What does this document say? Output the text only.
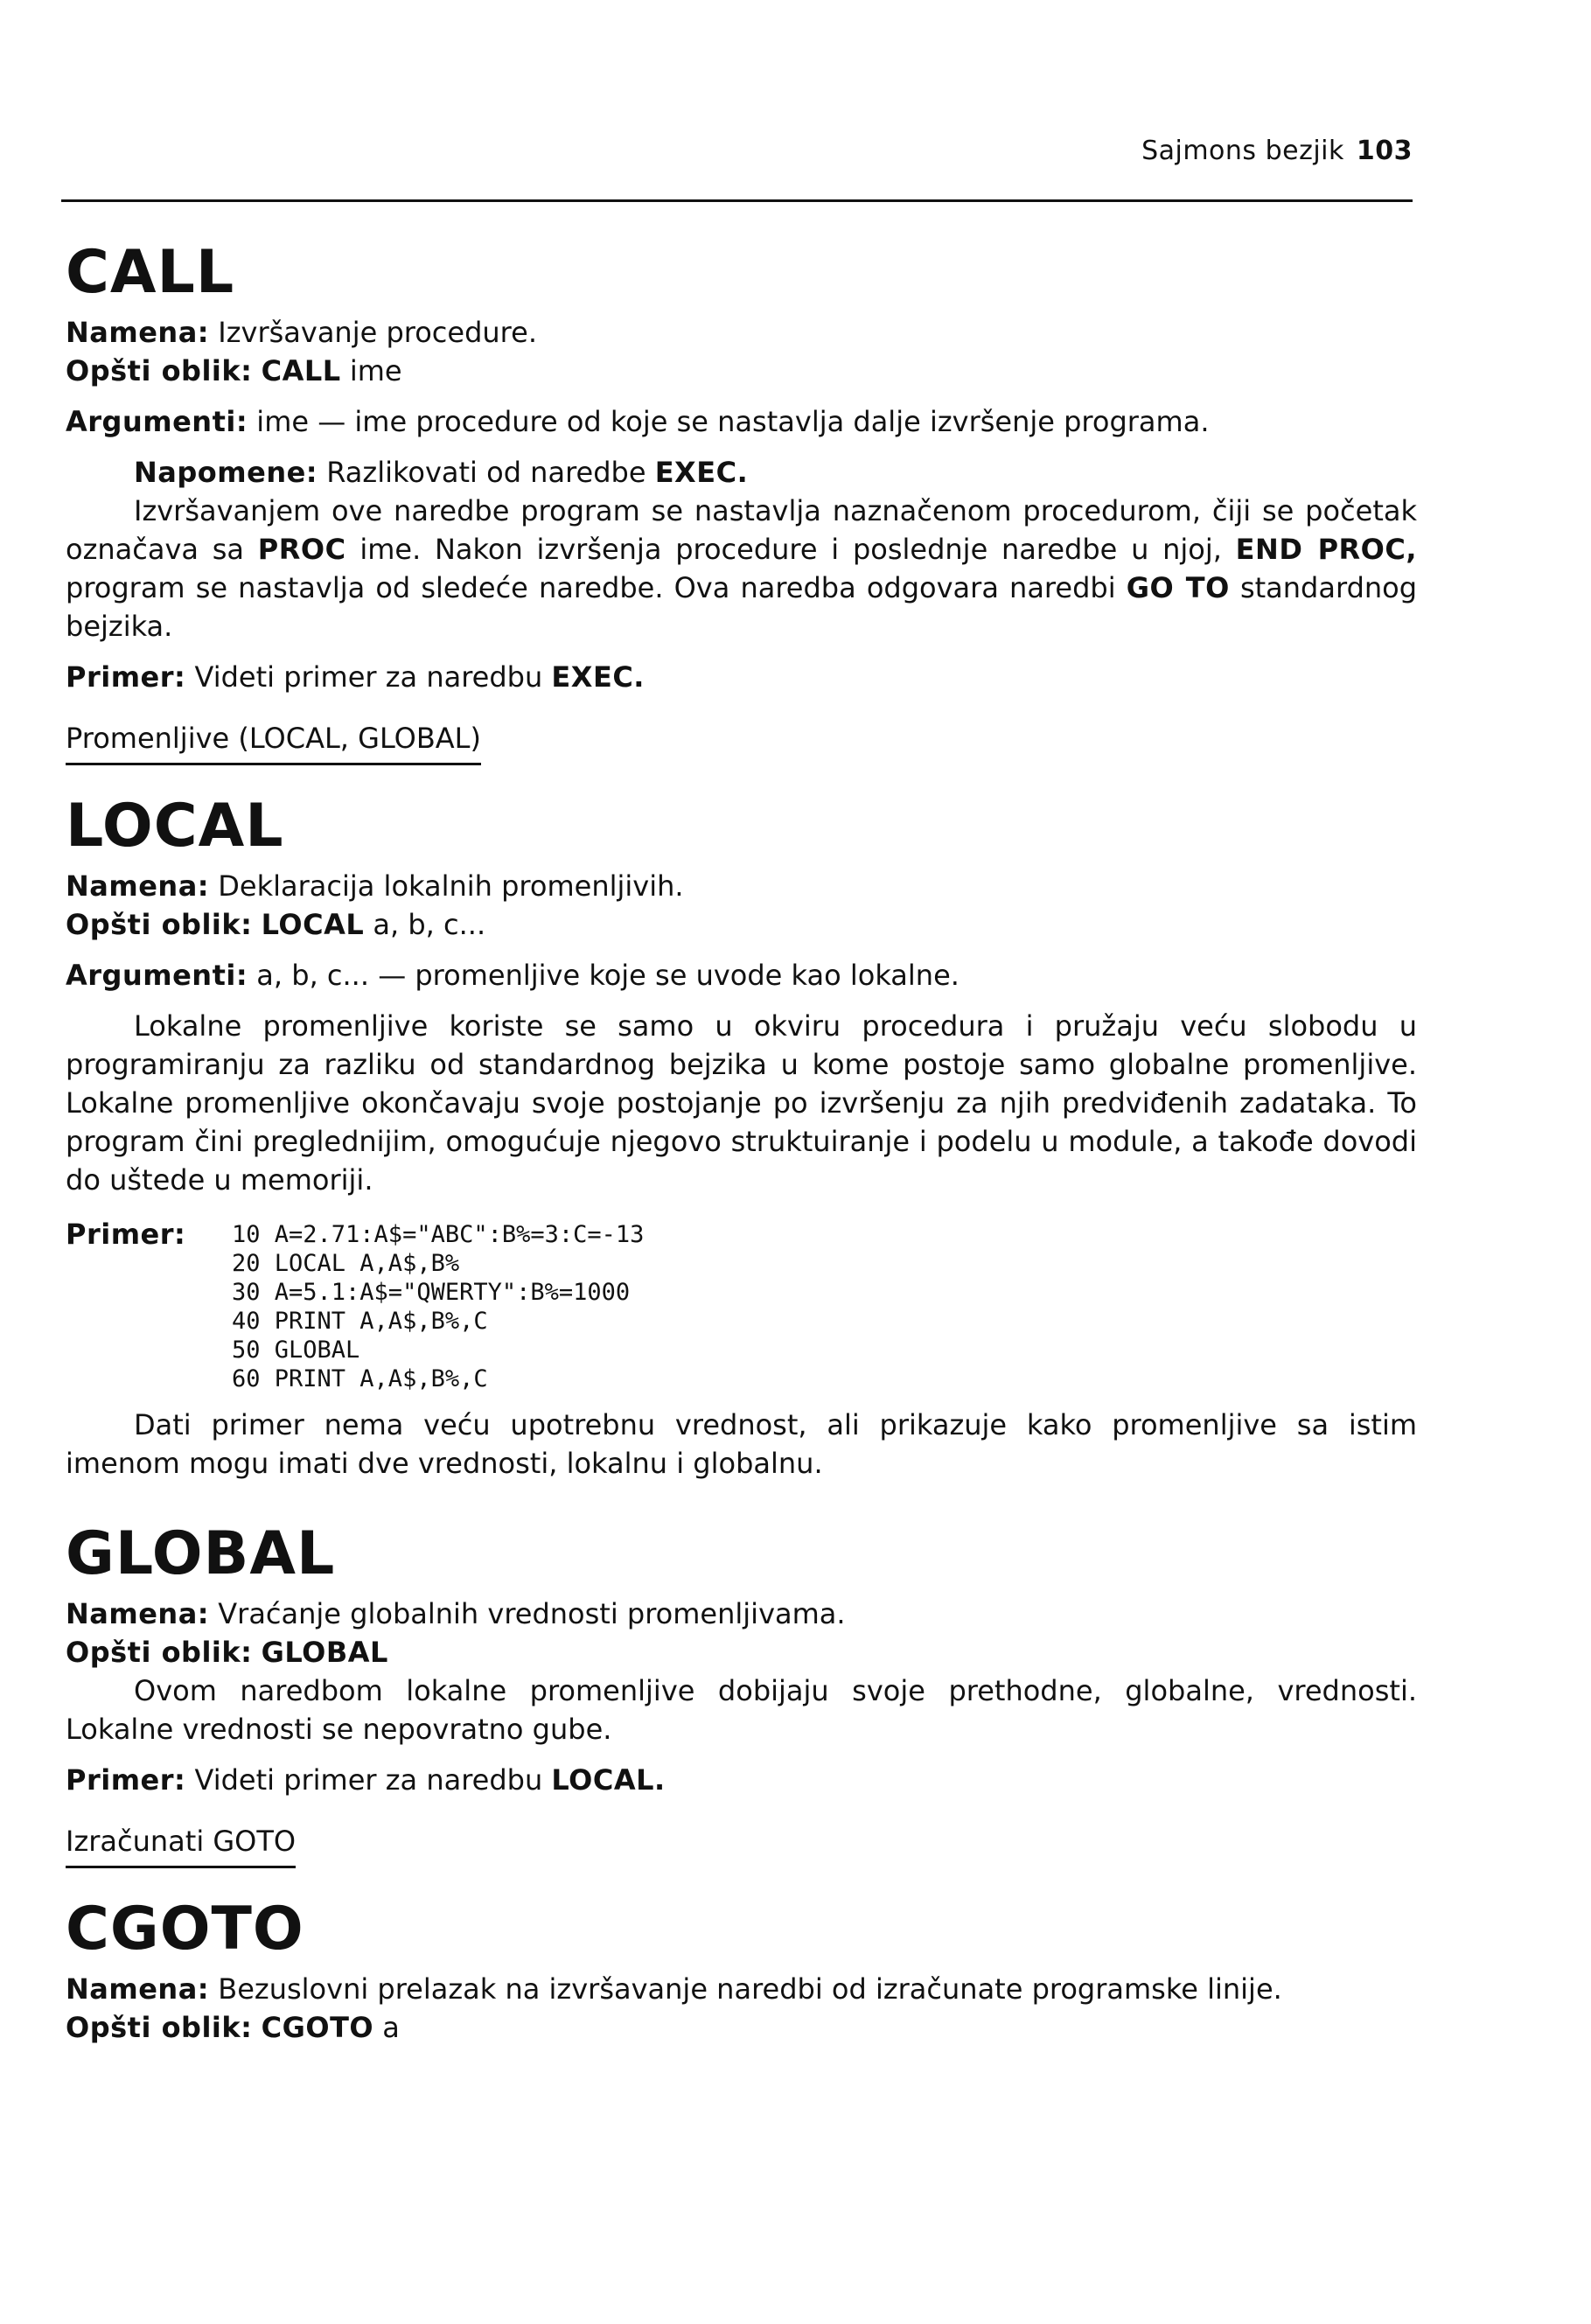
Sajmons bezjik 103
CALL

Namena: Izvršavanje procedure.

Opšti oblik: CALL ime

Argumenti: ime — ime procedure od koje se nastavlja dalje izvršenje programa.

Napomene: Razlikovati od naredbe EXEC.

Izvršavanjem ove naredbe program se nastavlja naznačenom procedurom, čiji se početak označava sa PROC ime. Nakon izvršenja procedure i poslednje naredbe u njoj, END PROC, program se nastavlja od sledeće naredbe. Ova naredba odgovara naredbi GO TO standardnog bejzika.

Primer: Videti primer za naredbu EXEC.

Promenljive (LOCAL, GLOBAL)
LOCAL

Namena: Deklaracija lokalnih promenljivih.

Opšti oblik: LOCAL a, b, c...

Argumenti: a, b, c... — promenljive koje se uvode kao lokalne.

Lokalne promenljive koriste se samo u okviru procedura i pružaju veću slobodu u programiranju za razliku od standardnog bejzika u kome postoje samo globalne promenljive. Lokalne promenljive okončavaju svoje postojanje po izvršenju za njih predviđenih zadataka. To program čini preglednijim, omogućuje njegovo struktuiranje i podelu u module, a takođe dovodi do uštede u memoriji.

Primer:	10 A=2.71:A$="ABC":B%=3:C=-13
20 LOCAL A,A$,B%
30 A=5.1:A$="QWERTY":B%=1000
40 PRINT A,A$,B%,C
50 GLOBAL
60 PRINT A,A$,B%,C

Dati primer nema veću upotrebnu vrednost, ali prikazuje kako promenljive sa istim imenom mogu imati dve vrednosti, lokalnu i globalnu.

GLOBAL

Namena: Vraćanje globalnih vrednosti promenljivama.

Opšti oblik: GLOBAL

Ovom naredbom lokalne promenljive dobijaju svoje prethodne, globalne, vrednosti. Lokalne vrednosti se nepovratno gube.

Primer: Videti primer za naredbu LOCAL.

Izračunati GOTO
CGOTO

Namena: Bezuslovni prelazak na izvršavanje naredbi od izračunate programske linije.

Opšti oblik: CGOTO a
